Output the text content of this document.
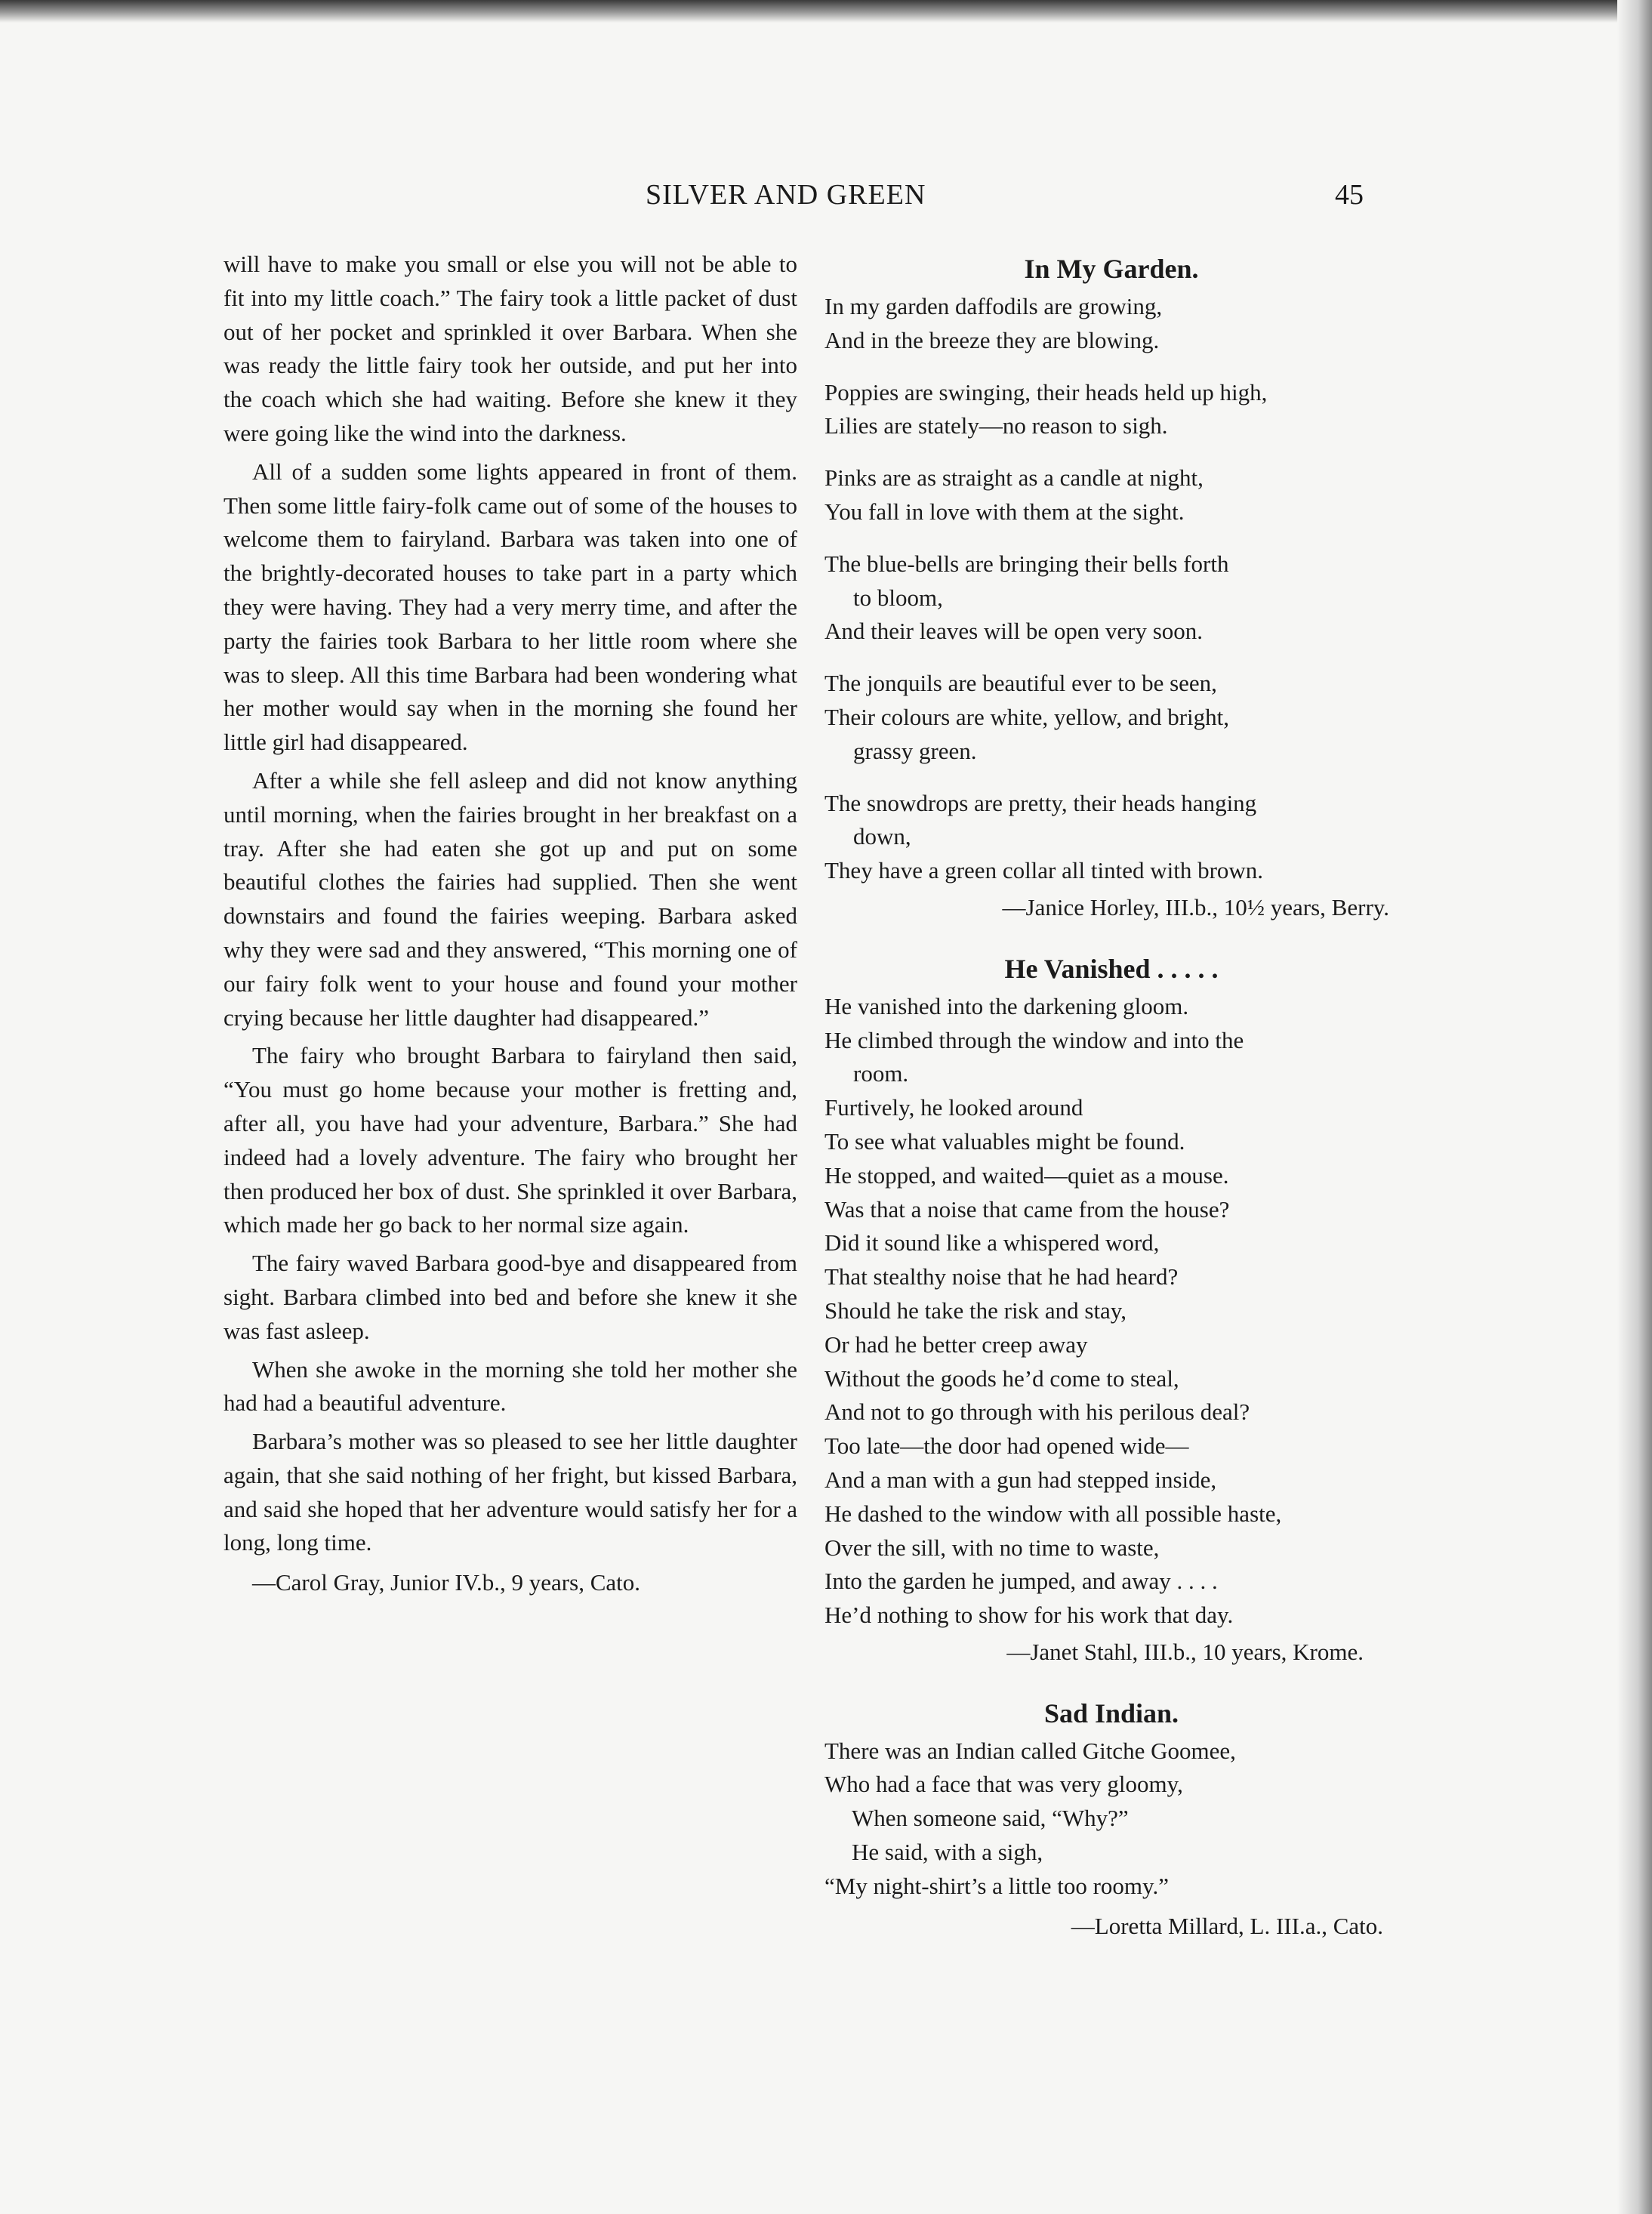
SILVER AND GREEN	45

will have to make you small or else you will not be able to fit into my little coach.” The fairy took a little packet of dust out of her pocket and sprinkled it over Barbara. When she was ready the little fairy took her outside, and put her into the coach which she had waiting. Before she knew it they were going like the wind into the darkness.

All of a sudden some lights appeared in front of them. Then some little fairy-folk came out of some of the houses to welcome them to fairyland. Barbara was taken into one of the brightly-decorated houses to take part in a party which they were having. They had a very merry time, and after the party the fairies took Barbara to her little room where she was to sleep. All this time Barbara had been wondering what her mother would say when in the morning she found her little girl had disappeared.

After a while she fell asleep and did not know anything until morning, when the fairies brought in her breakfast on a tray. After she had eaten she got up and put on some beautiful clothes the fairies had supplied. Then she went downstairs and found the fairies weeping. Barbara asked why they were sad and they answered, “This morning one of our fairy folk went to your house and found your mother crying because her little daughter had disappeared.”

The fairy who brought Barbara to fairyland then said, “You must go home because your mother is fretting and, after all, you have had your adventure, Barbara.” She had indeed had a lovely adventure. The fairy who brought her then produced her box of dust. She sprinkled it over Barbara, which made her go back to her normal size again.

The fairy waved Barbara good-bye and disappeared from sight. Barbara climbed into bed and before she knew it she was fast asleep.

When she awoke in the morning she told her mother she had had a beautiful adventure.

Barbara’s mother was so pleased to see her little daughter again, that she said nothing of her fright, but kissed Barbara, and said she hoped that her adventure would satisfy her for a long, long time.

—Carol Gray, Junior IV.b., 9 years, Cato.

In My Garden.
In my garden daffodils are growing,
And in the breeze they are blowing.
Poppies are swinging, their heads held up high,
Lilies are stately—no reason to sigh.
Pinks are as straight as a candle at night,
You fall in love with them at the sight.
The blue-bells are bringing their bells forth
to bloom,
And their leaves will be open very soon.
The jonquils are beautiful ever to be seen,
Their colours are white, yellow, and bright,
grassy green.
The snowdrops are pretty, their heads hanging
down,
They have a green collar all tinted with brown.

—Janice Horley, III.b., 10½ years, Berry.

He Vanished . . . . .
He vanished into the darkening gloom.
He climbed through the window and into the
room.
Furtively, he looked around
To see what valuables might be found.
He stopped, and waited—quiet as a mouse.
Was that a noise that came from the house?
Did it sound like a whispered word,
That stealthy noise that he had heard?
Should he take the risk and stay,
Or had he better creep away
Without the goods he’d come to steal,
And not to go through with his perilous deal?
Too late—the door had opened wide—
And a man with a gun had stepped inside,
He dashed to the window with all possible haste,
Over the sill, with no time to waste,
Into the garden he jumped, and away . . . .
He’d nothing to show for his work that day.

—Janet Stahl, III.b., 10 years, Krome.

Sad Indian.
There was an Indian called Gitche Goomee,
Who had a face that was very gloomy,
When someone said, “Why?”
He said, with a sigh,
“My night-shirt’s a little too roomy.”

—Loretta Millard, L. III.a., Cato.
